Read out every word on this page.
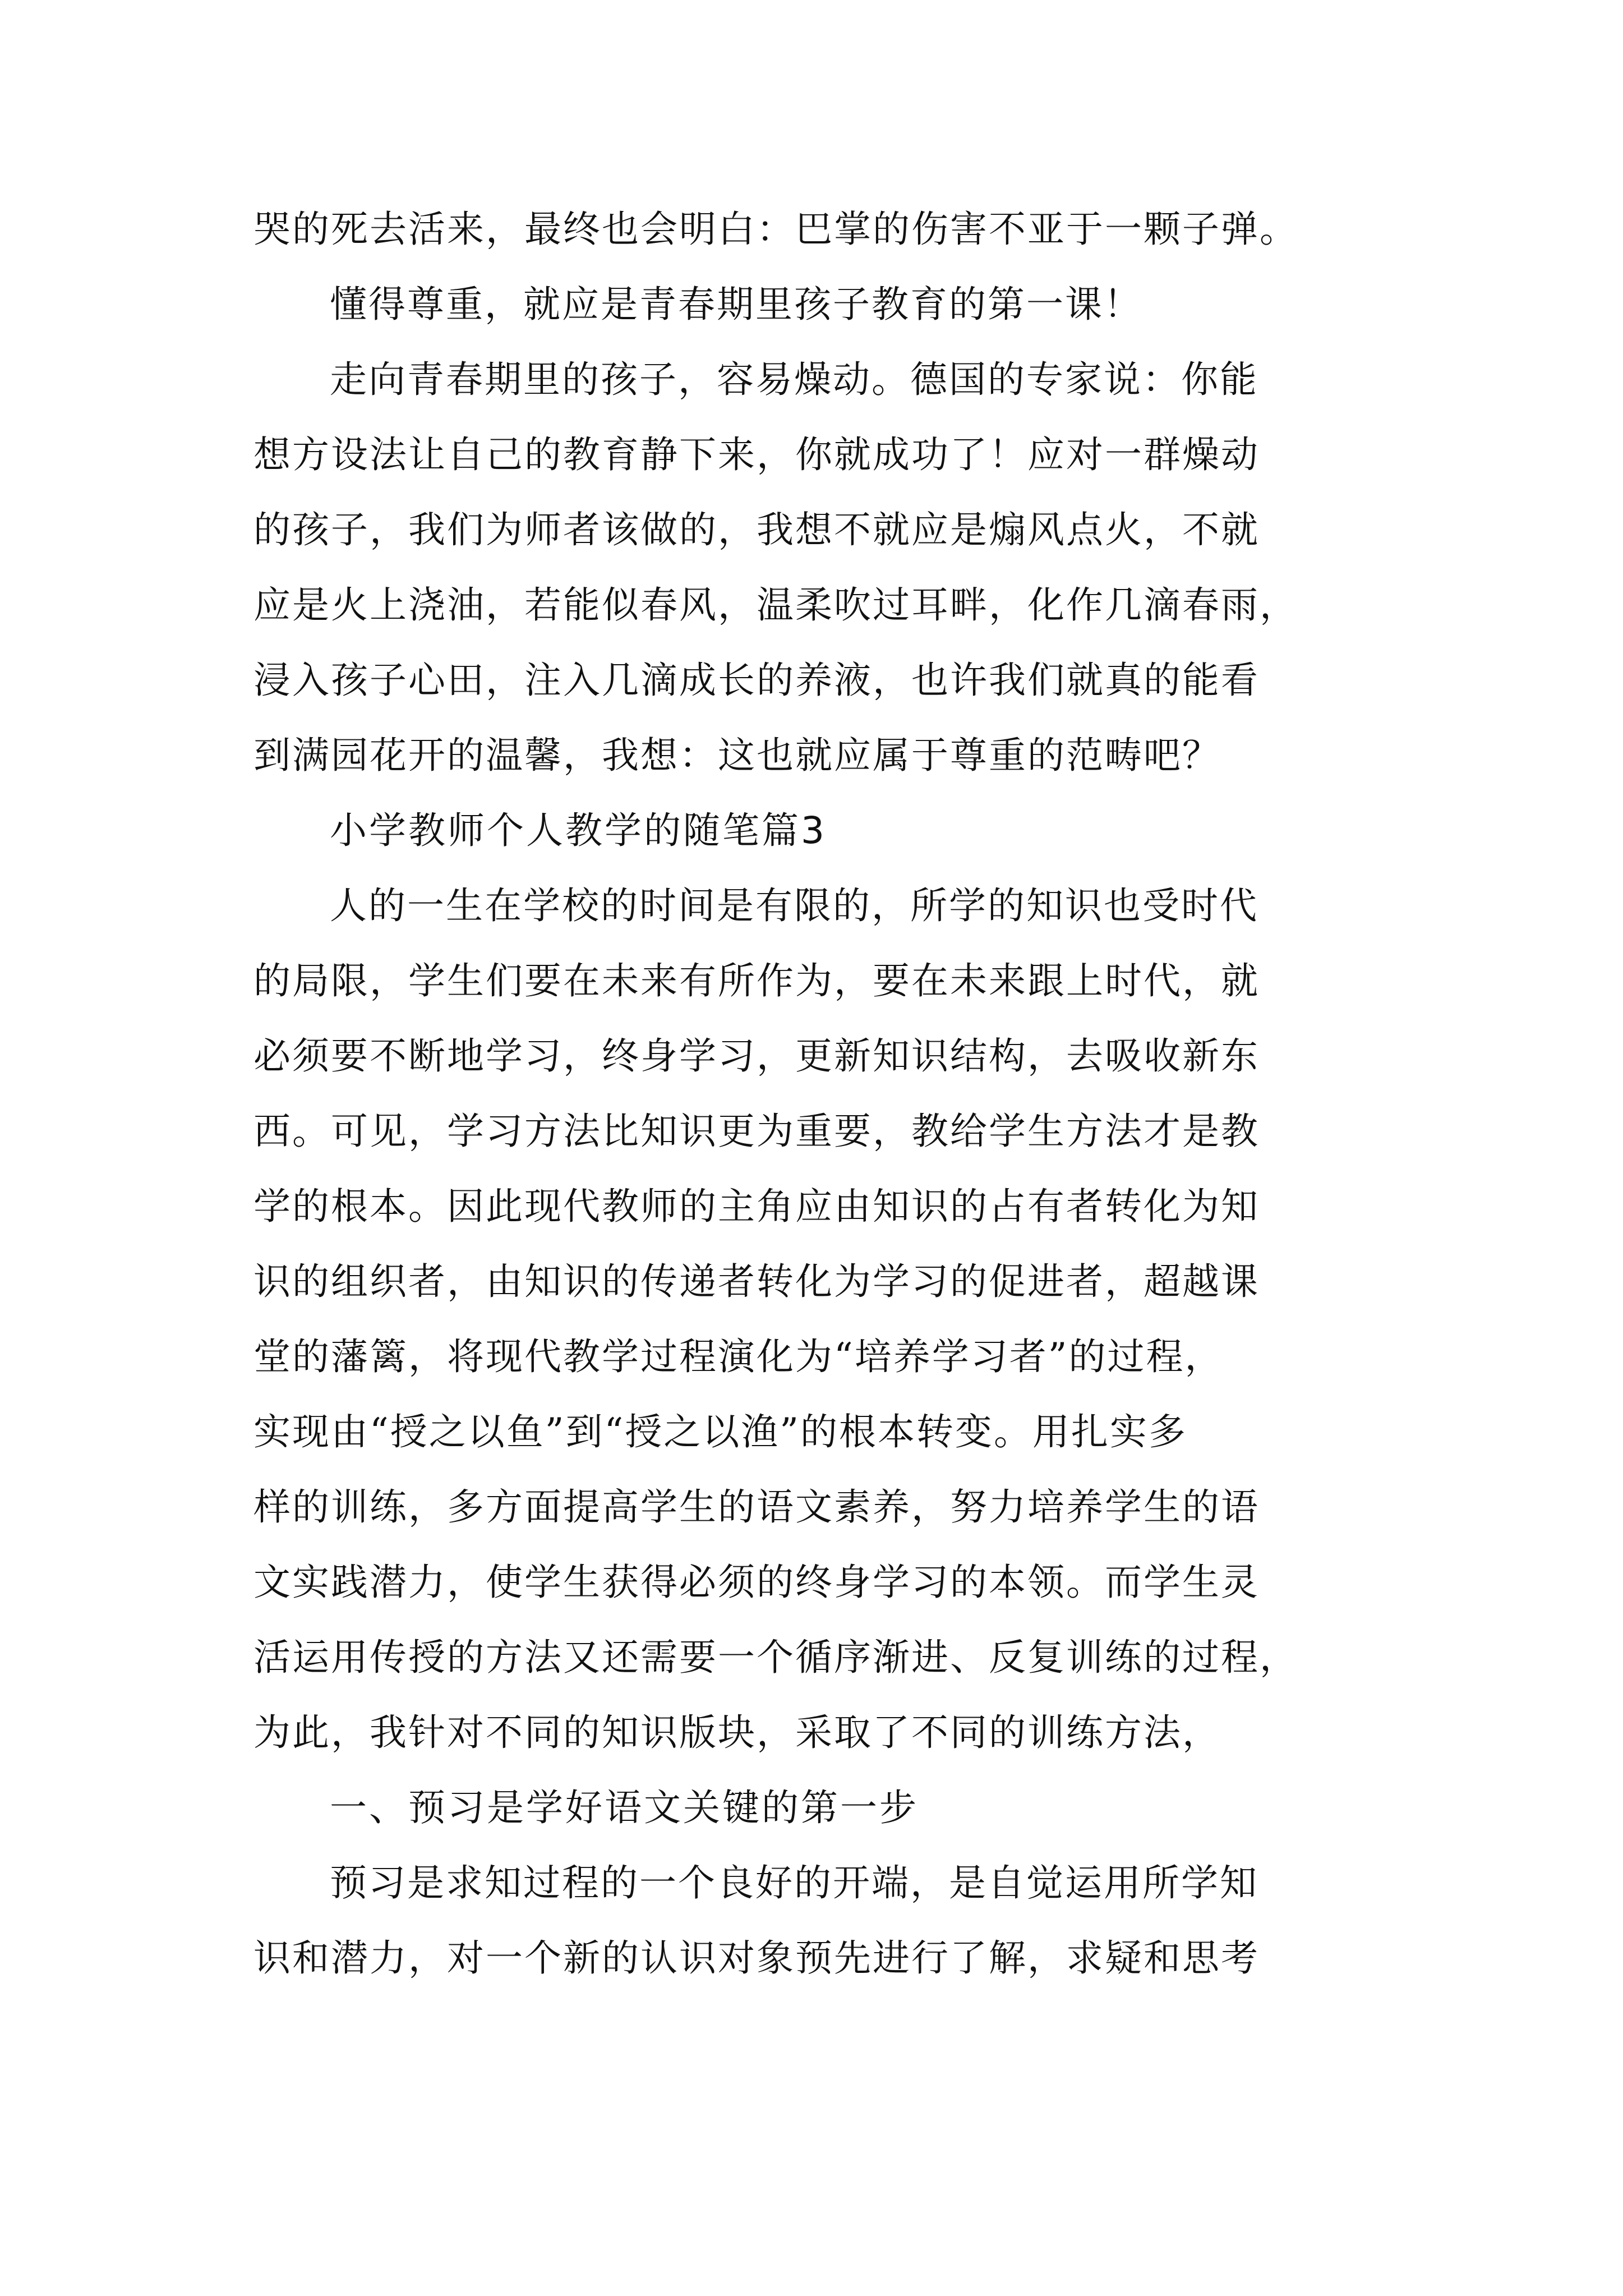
哭的死去活来，最终也会明白：巴掌的伤害不亚于一颗子弹。
懂得尊重，就应是青春期里孩子教育的第一课！
走向青春期里的孩子，容易燥动。德国的专家说：你能
想方设法让自己的教育静下来，你就成功了！应对一群燥动
的孩子，我们为师者该做的，我想不就应是煽风点火，不就
应是火上浇油，若能似春风，温柔吹过耳畔，化作几滴春雨，
浸入孩子心田，注入几滴成长的养液，也许我们就真的能看
到满园花开的温馨，我想：这也就应属于尊重的范畴吧？
小学教师个人教学的随笔篇3
人的一生在学校的时间是有限的，所学的知识也受时代
的局限，学生们要在未来有所作为，要在未来跟上时代，就
必须要不断地学习，终身学习，更新知识结构，去吸收新东
西。可见，学习方法比知识更为重要，教给学生方法才是教
学的根本。因此现代教师的主角应由知识的占有者转化为知
识的组织者，由知识的传递者转化为学习的促进者，超越课
堂的藩篱，将现代教学过程演化为“培养学习者”的过程，
实现由“授之以鱼”到“授之以渔”的根本转变。用扎实多
样的训练，多方面提高学生的语文素养，努力培养学生的语
文实践潜力，使学生获得必须的终身学习的本领。而学生灵
活运用传授的方法又还需要一个循序渐进、反复训练的过程，
为此，我针对不同的知识版块，采取了不同的训练方法，
一、预习是学好语文关键的第一步
预习是求知过程的一个良好的开端，是自觉运用所学知
识和潜力，对一个新的认识对象预先进行了解，求疑和思考
